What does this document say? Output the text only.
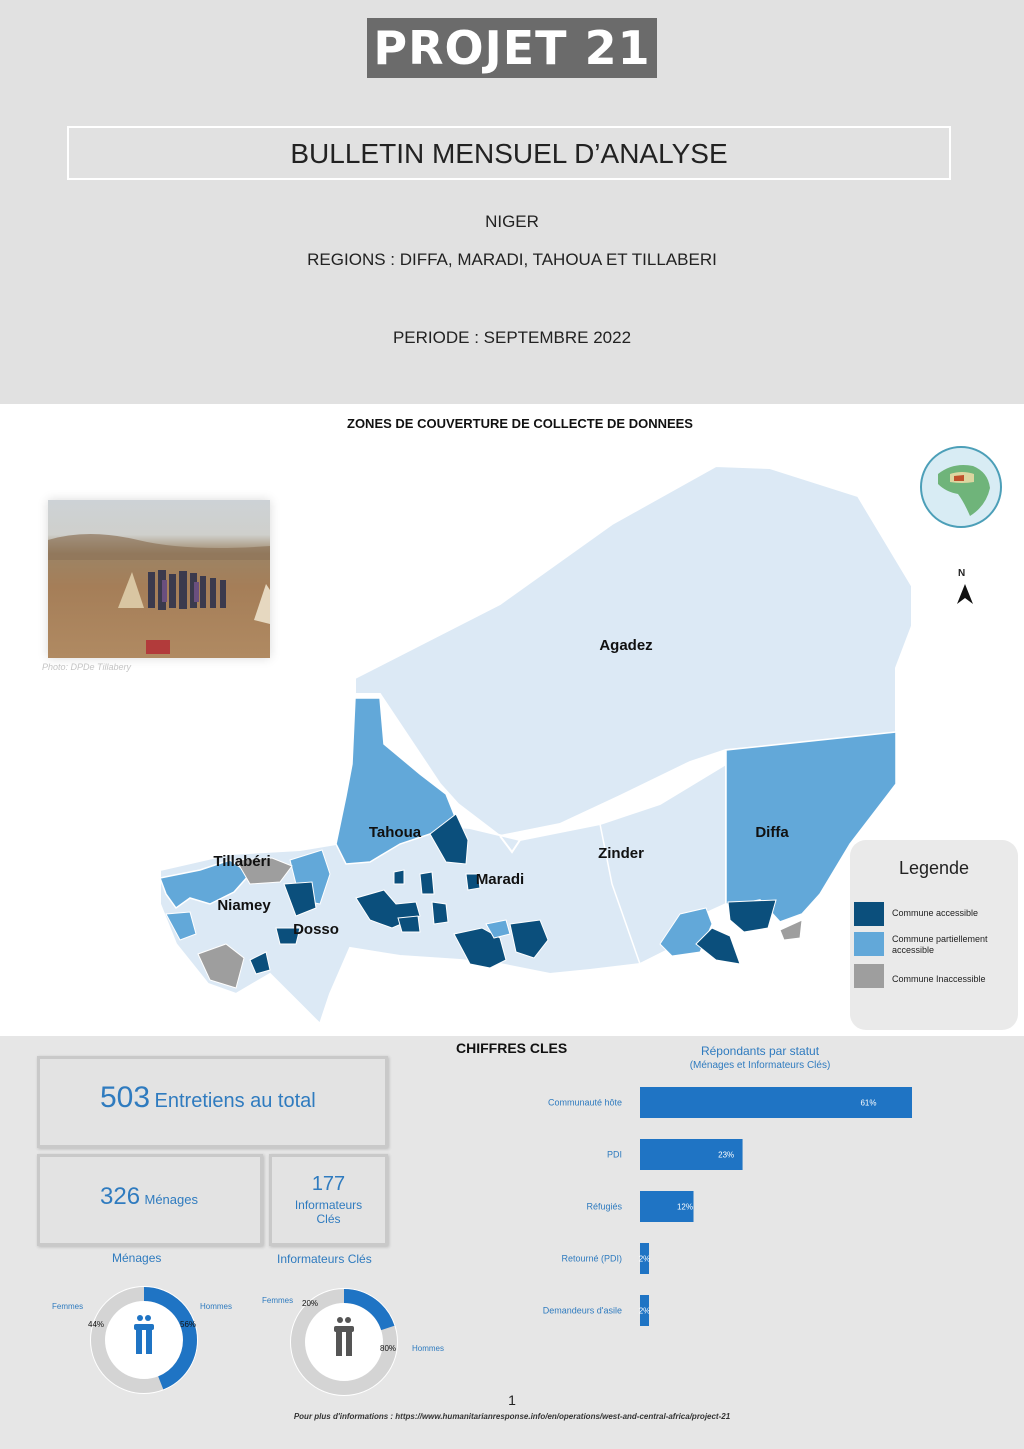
PROJET 21
BULLETIN MENSUEL D’ANALYSE
NIGER
REGIONS : DIFFA, MARADI, TAHOUA ET TILLABERI
PERIODE : SEPTEMBRE 2022
ZONES DE COUVERTURE DE COLLECTE DE DONNEES
Photo: DPDe Tillabery
N
Agadez
Tahoua	Diffa
Zinder
Maradi
Tillabéri
Niamey
Dosso
Legende
Commune accessible
Commune partiellement accessible
Commune Inaccessible
CHIFFRES CLES
503 Entretiens au total
326 Ménages
177
Informateurs
Clés
Ménages
Femmes	Hommes
44%	56%
Informateurs Clés
Femmes
Hommes
20%
80%
Répondants par statut
(Ménages et Informateurs Clés)
Communauté hôte	61%
PDI	23%
Réfugiés	12%
Retourné (PDI) 2%
Demandeurs d'asile 2%
1
Pour plus d'informations : https://www.humanitarianresponse.info/en/operations/west-and-central-africa/project-21
